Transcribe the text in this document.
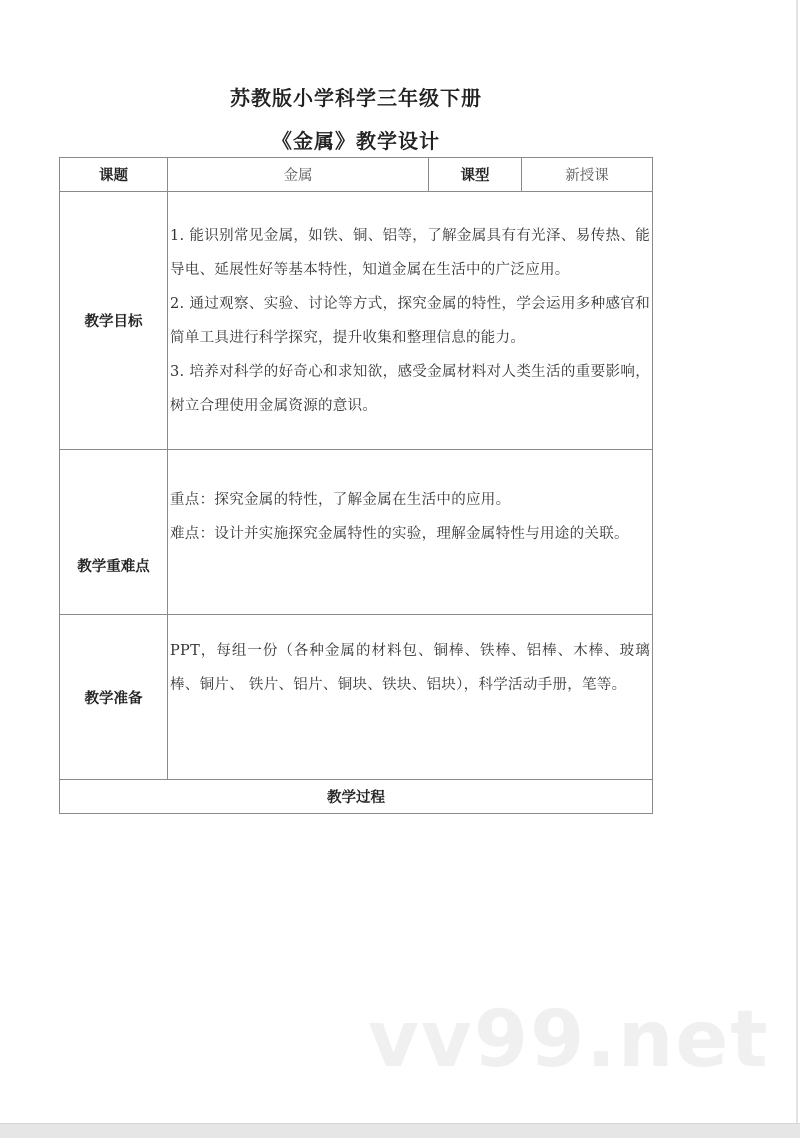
苏教版小学科学三年级下册
《金属》教学设计
课题	金属	课型	新授课
教学目标	1. 能识别常见金属，如铁、铜、铝等，了解金属具有有光泽、易传热、能导电、延展性好等基本特性，知道金属在生活中的广泛应用。

2. 通过观察、实验、讨论等方式，探究金属的特性，学会运用多种感官和简单工具进行科学探究，提升收集和整理信息的能力。

3. 培养对科学的好奇心和求知欲，感受金属材料对人类生活的重要影响，树立合理使用金属资源的意识。		

教学重难点	重点：探究金属的特性，了解金属在生活中的应用。

难点：设计并实施探究金属特性的实验，理解金属特性与用途的关联。		

教学准备	PPT，每组一份（各种金属的材料包、铜棒、铁棒、铝棒、木棒、玻璃棒、铜片、 铁片、铝片、铜块、铁块、铝块），科学活动手册，笔等。		

教学过程			
vv99.net
